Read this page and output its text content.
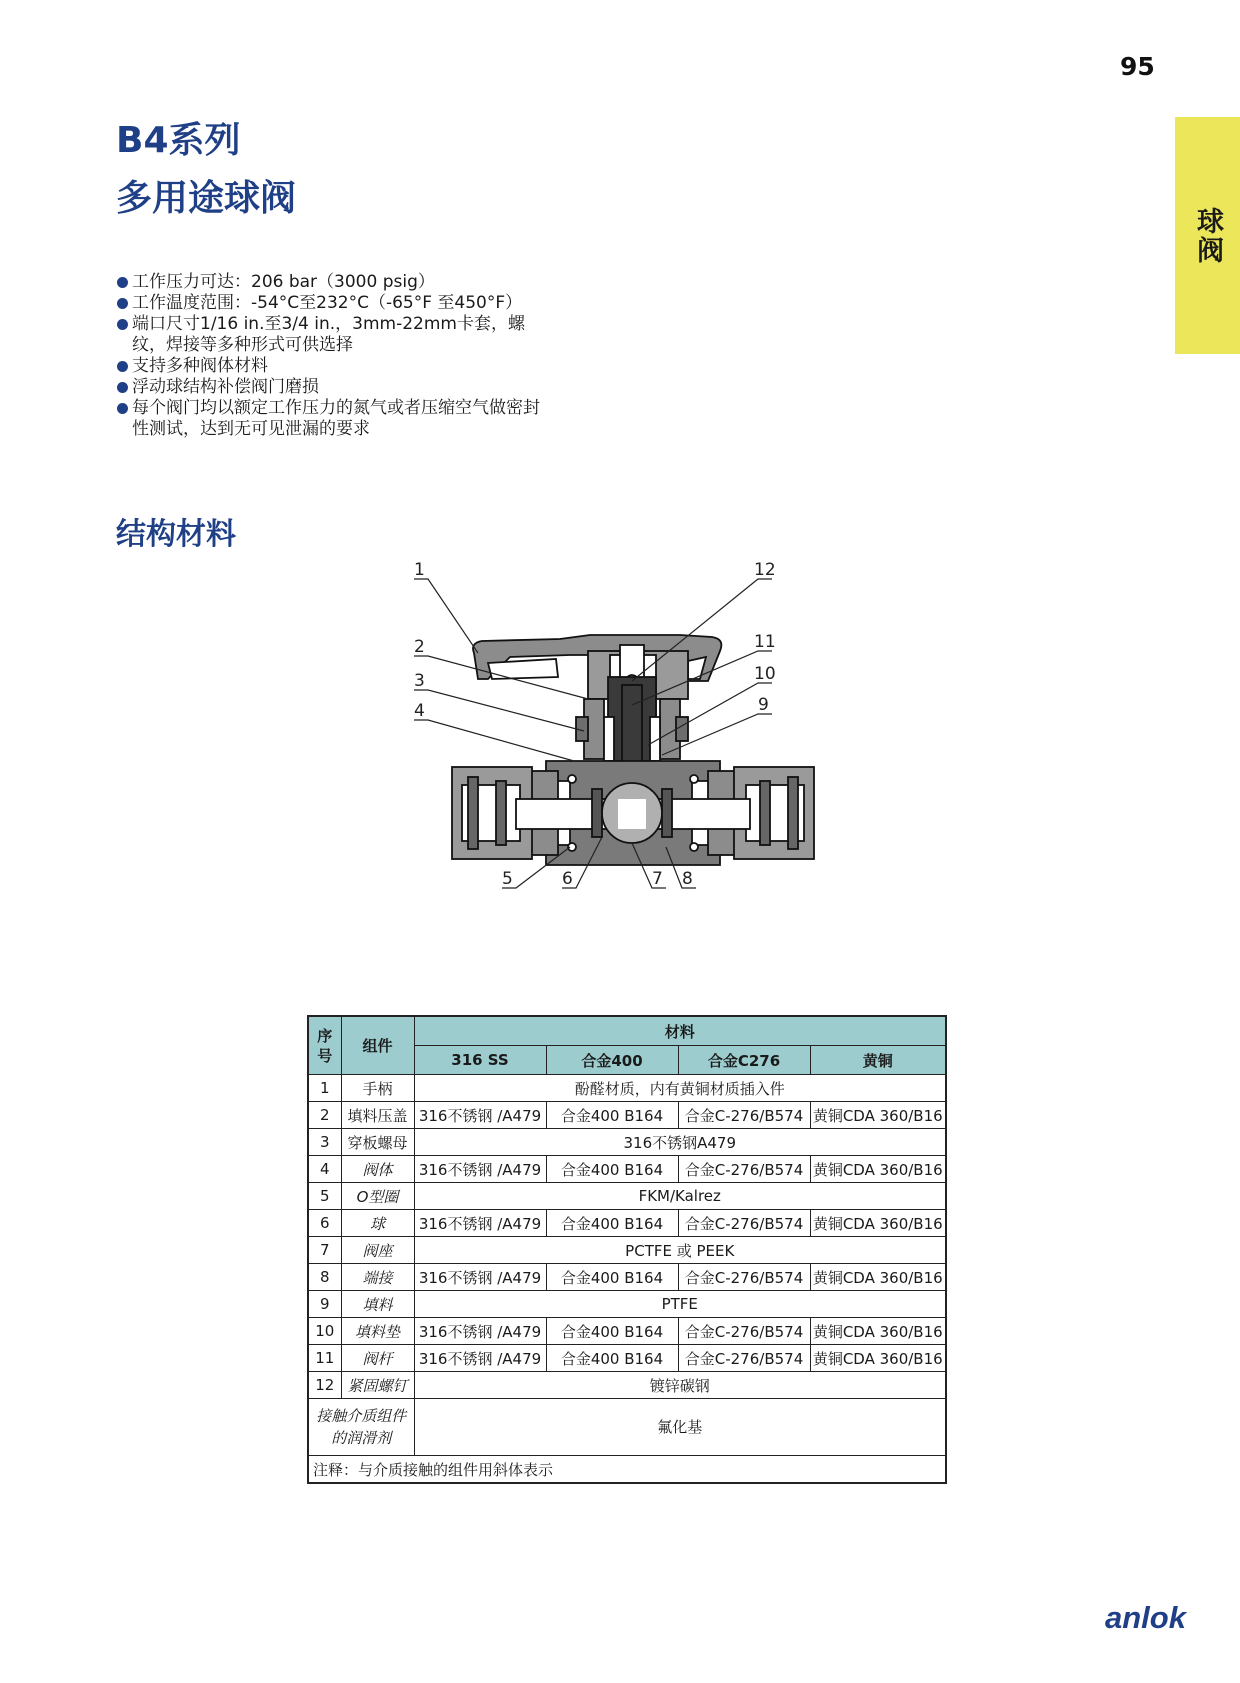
95
球阀
B4系列
多用途球阀
工作压力可达：206 bar（3000 psig）
工作温度范围：-54°C至232°C（-65°F 至450°F）
端口尺寸1/16 in.至3/4 in.，3mm-22mm卡套，螺纹，焊接等多种形式可供选择
支持多种阀体材料
浮动球结构补偿阀门磨损
每个阀门均以额定工作压力的氮气或者压缩空气做密封性测试，达到无可见泄漏的要求
结构材料
1
2
3
4
5	6	7 8
9
10
11
12
序号	组件	材料			
		316 SS	合金400	合金C276	黄铜
1	手柄	酚醛材质，内有黄铜材质插入件			
2	填料压盖	316不锈钢 /A479	合金400 B164	合金C-276/B574	黄铜CDA 360/B16
3	穿板螺母	316不锈钢A479			
4	阀体	316不锈钢 /A479	合金400 B164	合金C-276/B574	黄铜CDA 360/B16
5	O型圈	FKM/Kalrez			
6	球	316不锈钢 /A479	合金400 B164	合金C-276/B574	黄铜CDA 360/B16
7	阀座	PCTFE 或 PEEK			
8	端接	316不锈钢 /A479	合金400 B164	合金C-276/B574	黄铜CDA 360/B16
9	填料	PTFE			
10	填料垫	316不锈钢 /A479	合金400 B164	合金C-276/B574	黄铜CDA 360/B16
11	阀杆	316不锈钢 /A479	合金400 B164	合金C-276/B574	黄铜CDA 360/B16
12	紧固螺钉	镀锌碳钢			
接触介质组件的润滑剂		氟化基			
注释：与介质接触的组件用斜体表示					
anlok
